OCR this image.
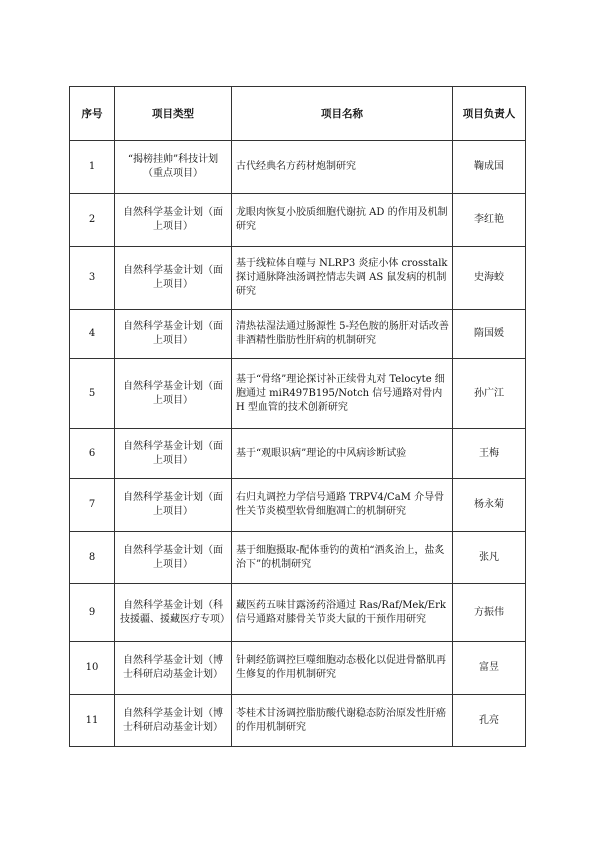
序号	项目类型	项目名称	项目负责人
1	“揭榜挂帅”科技计划（重点项目）	古代经典名方药材炮制研究	鞠成国
2	自然科学基金计划（面上项目）	龙眼肉恢复小胶质细胞代谢抗 AD 的作用及机制研究	李红艳
3	自然科学基金计划（面上项目）	基于线粒体自噬与 NLRP3 炎症小体 crosstalk 探讨通脉降浊汤调控情志失调 AS 鼠发病的机制研究	史海蛟
4	自然科学基金计划（面上项目）	清热祛湿法通过肠源性 5-羟色胺的肠肝对话改善非酒精性脂肪性肝病的机制研究	隋国媛
5	自然科学基金计划（面上项目）	基于“骨络”理论探讨补正续骨丸对 Telocyte 细胞通过 miR497B195/Notch 信号通路对骨内 H 型血管的技术创新研究	孙广江
6	自然科学基金计划（面上项目）	基于“观眼识病”理论的中风病诊断试验	王梅
7	自然科学基金计划（面上项目）	右归丸调控力学信号通路 TRPV4/CaM 介导骨性关节炎模型软骨细胞凋亡的机制研究	杨永菊
8	自然科学基金计划（面上项目）	基于细胞摄取-配体垂钓的黄柏“酒炙治上，盐炙治下”的机制研究	张凡
9	自然科学基金计划（科技援疆、援藏医疗专项）	藏医药五味甘露汤药浴通过 Ras/Raf/Mek/Erk 信号通路对膝骨关节炎大鼠的干预作用研究	方振伟
10	自然科学基金计划（博士科研启动基金计划）	针刺经筋调控巨噬细胞动态极化以促进骨骼肌再生修复的作用机制研究	富昱
11	自然科学基金计划（博士科研启动基金计划）	苓桂术甘汤调控脂肪酸代谢稳态防治原发性肝癌的作用机制研究	孔亮
